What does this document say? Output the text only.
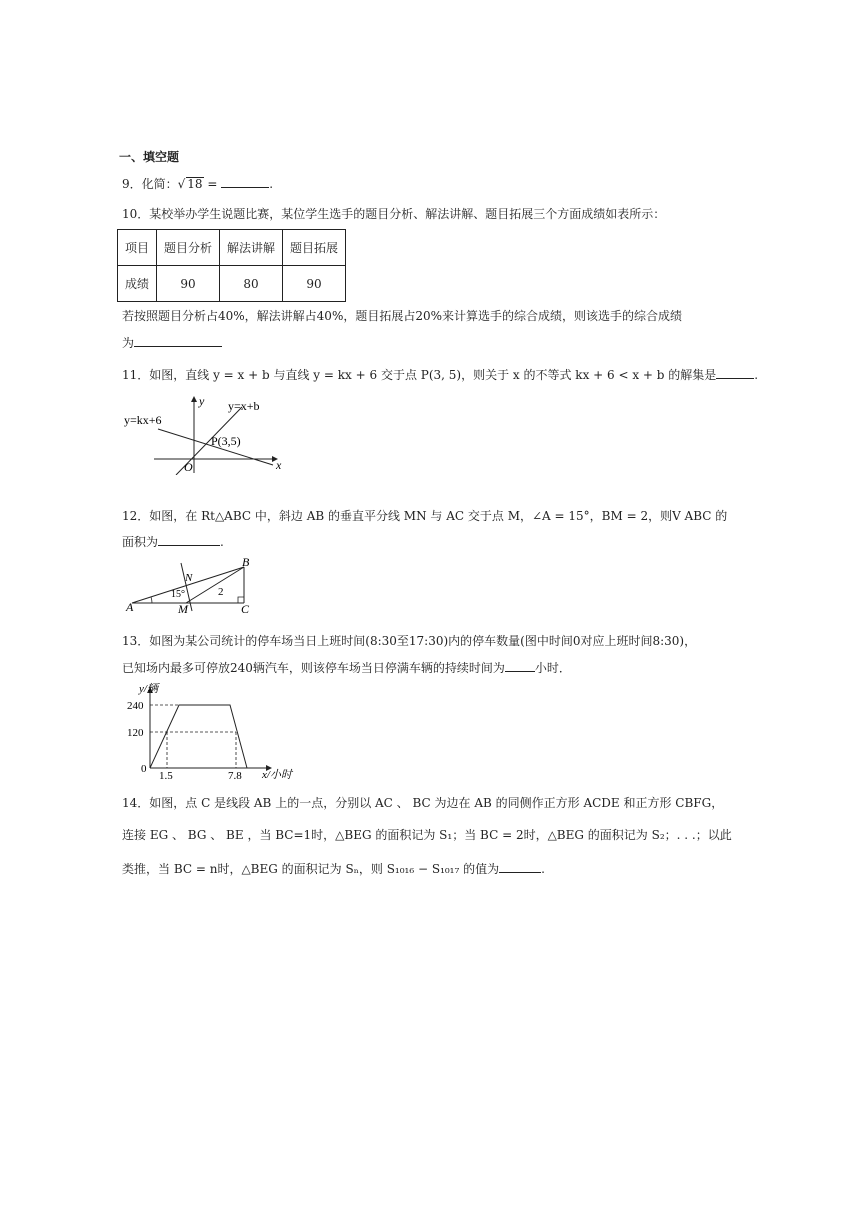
一、填空题
9．化简：√ 18 =	.
10．某校举办学生说题比赛，某位学生选手的题目分析、解法讲解、题目拓展三个方面成绩如表所示：
项目	题目分析	解法讲解	题目拓展
成绩	90	80	90
若按照题目分析占40%，解法讲解占40%，题目拓展占20%来计算选手的综合成绩，则该选手的综合成绩
为
11．如图，直线 y = x + b 与直线 y = kx + 6 交于点 P(3, 5)，则关于 x 的不等式 kx + 6 < x + b 的解集是	.
y=kx+6
y=x+b
P(3,5)
x
y
O
12．如图，在 Rt△ABC 中，斜边 AB 的垂直平分线 MN 与 AC 交于点 M，∠A = 15°，BM = 2，则V ABC 的
面积为	.
A
B
C
M
N
15°	2
13．如图为某公司统计的停车场当日上班时间(8:30至17:30)内的停车数量(图中时间0对应上班时间8:30)，
已知场内最多可停放240辆汽车，则该停车场当日停满车辆的持续时间为	小时．
y/辆
x/小时
0
240
120
1.5	7.8
14．如图，点 C 是线段 AB 上的一点，分别以 AC 、 BC 为边在 AB 的同侧作正方形 ACDE 和正方形 CBFG，
连接 EG 、 BG 、 BE ，当 BC=1时，△BEG 的面积记为 S₁；当 BC = 2时，△BEG 的面积记为 S₂；. . .；以此
类推，当 BC = n时，△BEG 的面积记为 Sₙ，则 S₁₀₁₆ − S₁₀₁₇ 的值为	.
